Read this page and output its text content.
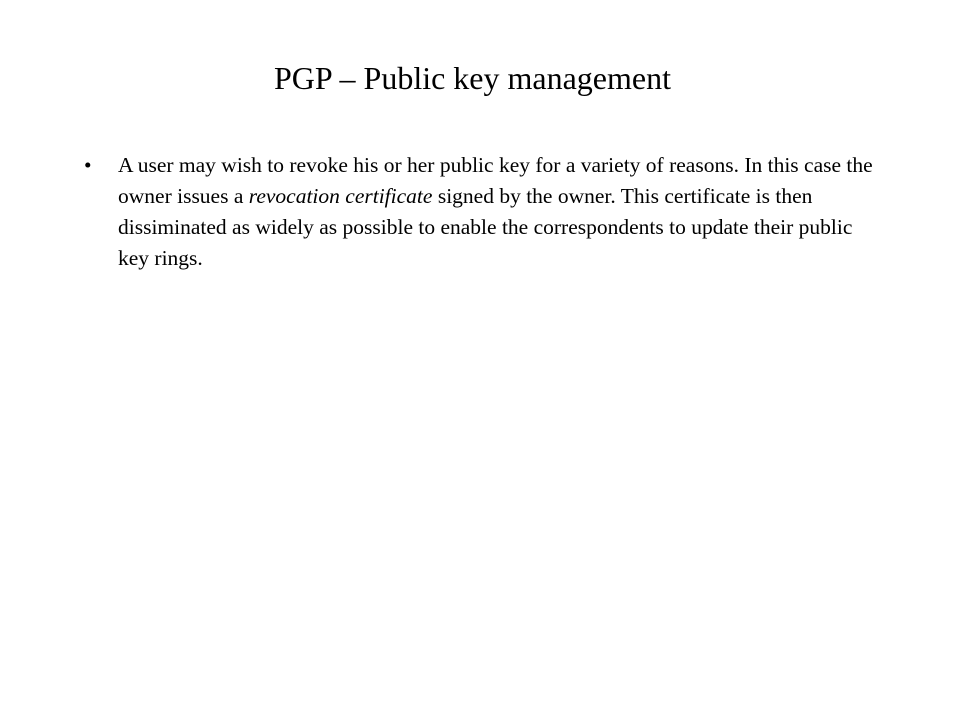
PGP – Public key management
• A user may wish to revoke his or her public key for a variety of reasons. In this case the owner issues a revocation certificate signed by the owner. This certificate is then dissiminated as widely as possible to enable the correspondents to update their public key rings.
